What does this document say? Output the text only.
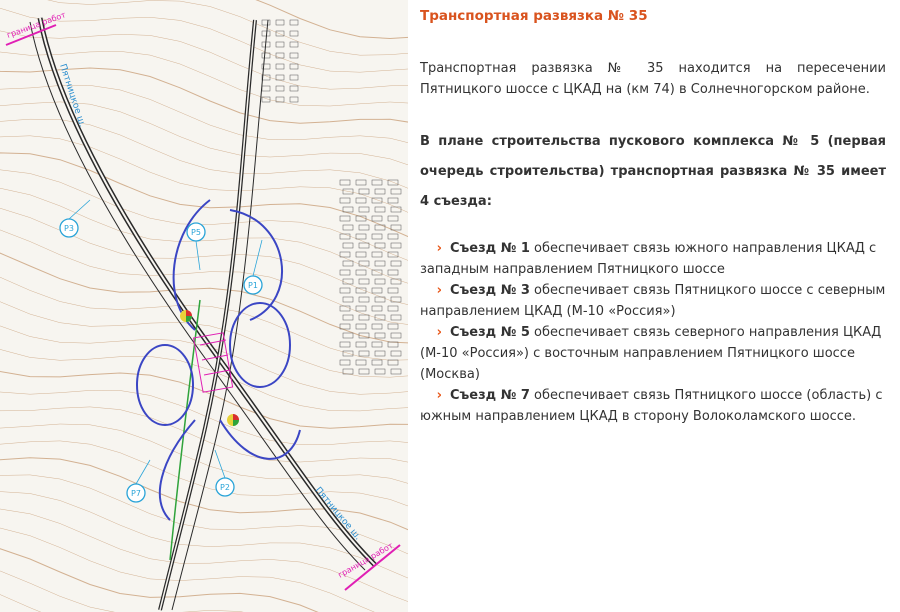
граница работ
граница работ
Пятницкое ш.
Пятницкое ш.
P1
P3	P5
P7
P2
Транспортная развязка № 35
Транспортная развязка № 35 находится на пересечении Пятницкого шоссе с ЦКАД на (км 74) в Солнечногорском районе.
В плане строительства пускового комплекса № 5 (первая очередь строительства) транспортная развязка № 35 имеет 4 съезда:
› Съезд № 1 обеспечивает связь южного направления ЦКАД с западным направлением Пятницкого шоссе
› Съезд № 3 обеспечивает связь Пятницкого шоссе с северным направлением ЦКАД (М-10 «Россия»)
› Съезд № 5 обеспечивает связь северного направления ЦКАД (М-10 «Россия») с восточным направлением Пятницкого шоссе (Москва)
› Съезд № 7 обеспечивает связь Пятницкого шоссе (область) с южным направлением ЦКАД в сторону Волоколамского шоссе.
